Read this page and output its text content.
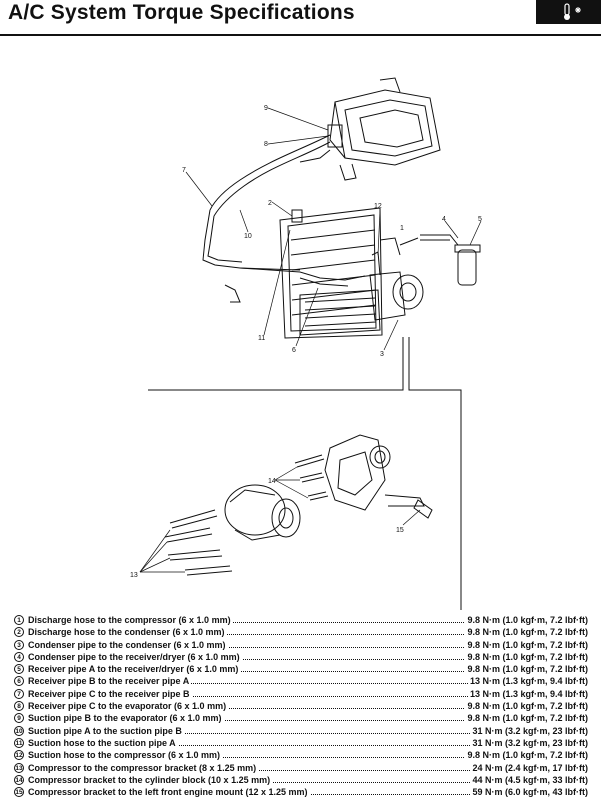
A/C System Torque Specifications
9
8
7
10
2	12
4	5
1
11
6
3
13
14
15
1 Discharge hose to the compressor (6 x 1.0 mm)	9.8 N·m (1.0 kgf·m, 7.2 lbf·ft)
2 Discharge hose to the condenser (6 x 1.0 mm)	9.8 N·m (1.0 kgf·m, 7.2 lbf·ft)
3 Condenser pipe to the condenser (6 x 1.0 mm)	9.8 N·m (1.0 kgf·m, 7.2 lbf·ft)
4 Condenser pipe to the receiver/dryer (6 x 1.0 mm)	9.8 N·m (1.0 kgf·m, 7.2 lbf·ft)
5 Receiver pipe A to the receiver/dryer (6 x 1.0 mm)	9.8 N·m (1.0 kgf·m, 7.2 lbf·ft)
6 Receiver pipe B to the receiver pipe A	13 N·m (1.3 kgf·m, 9.4 lbf·ft)
7 Receiver pipe C to the receiver pipe B	13 N·m (1.3 kgf·m, 9.4 lbf·ft)
8 Receiver pipe C to the evaporator (6 x 1.0 mm)	9.8 N·m (1.0 kgf·m, 7.2 lbf·ft)
9 Suction pipe B to the evaporator (6 x 1.0 mm)	9.8 N·m (1.0 kgf·m, 7.2 lbf·ft)
10 Suction pipe A to the suction pipe B	31 N·m (3.2 kgf·m, 23 lbf·ft)
11 Suction hose to the suction pipe A	31 N·m (3.2 kgf·m, 23 lbf·ft)
12 Suction hose to the compressor (6 x 1.0 mm)	9.8 N·m (1.0 kgf·m, 7.2 lbf·ft)
13 Compressor to the compressor bracket (8 x 1.25 mm)	24 N·m (2.4 kgf·m, 17 lbf·ft)
14 Compressor bracket to the cylinder block (10 x 1.25 mm)	44 N·m (4.5 kgf·m, 33 lbf·ft)
15 Compressor bracket to the left front engine mount (12 x 1.25 mm)	59 N·m (6.0 kgf·m, 43 lbf·ft)
